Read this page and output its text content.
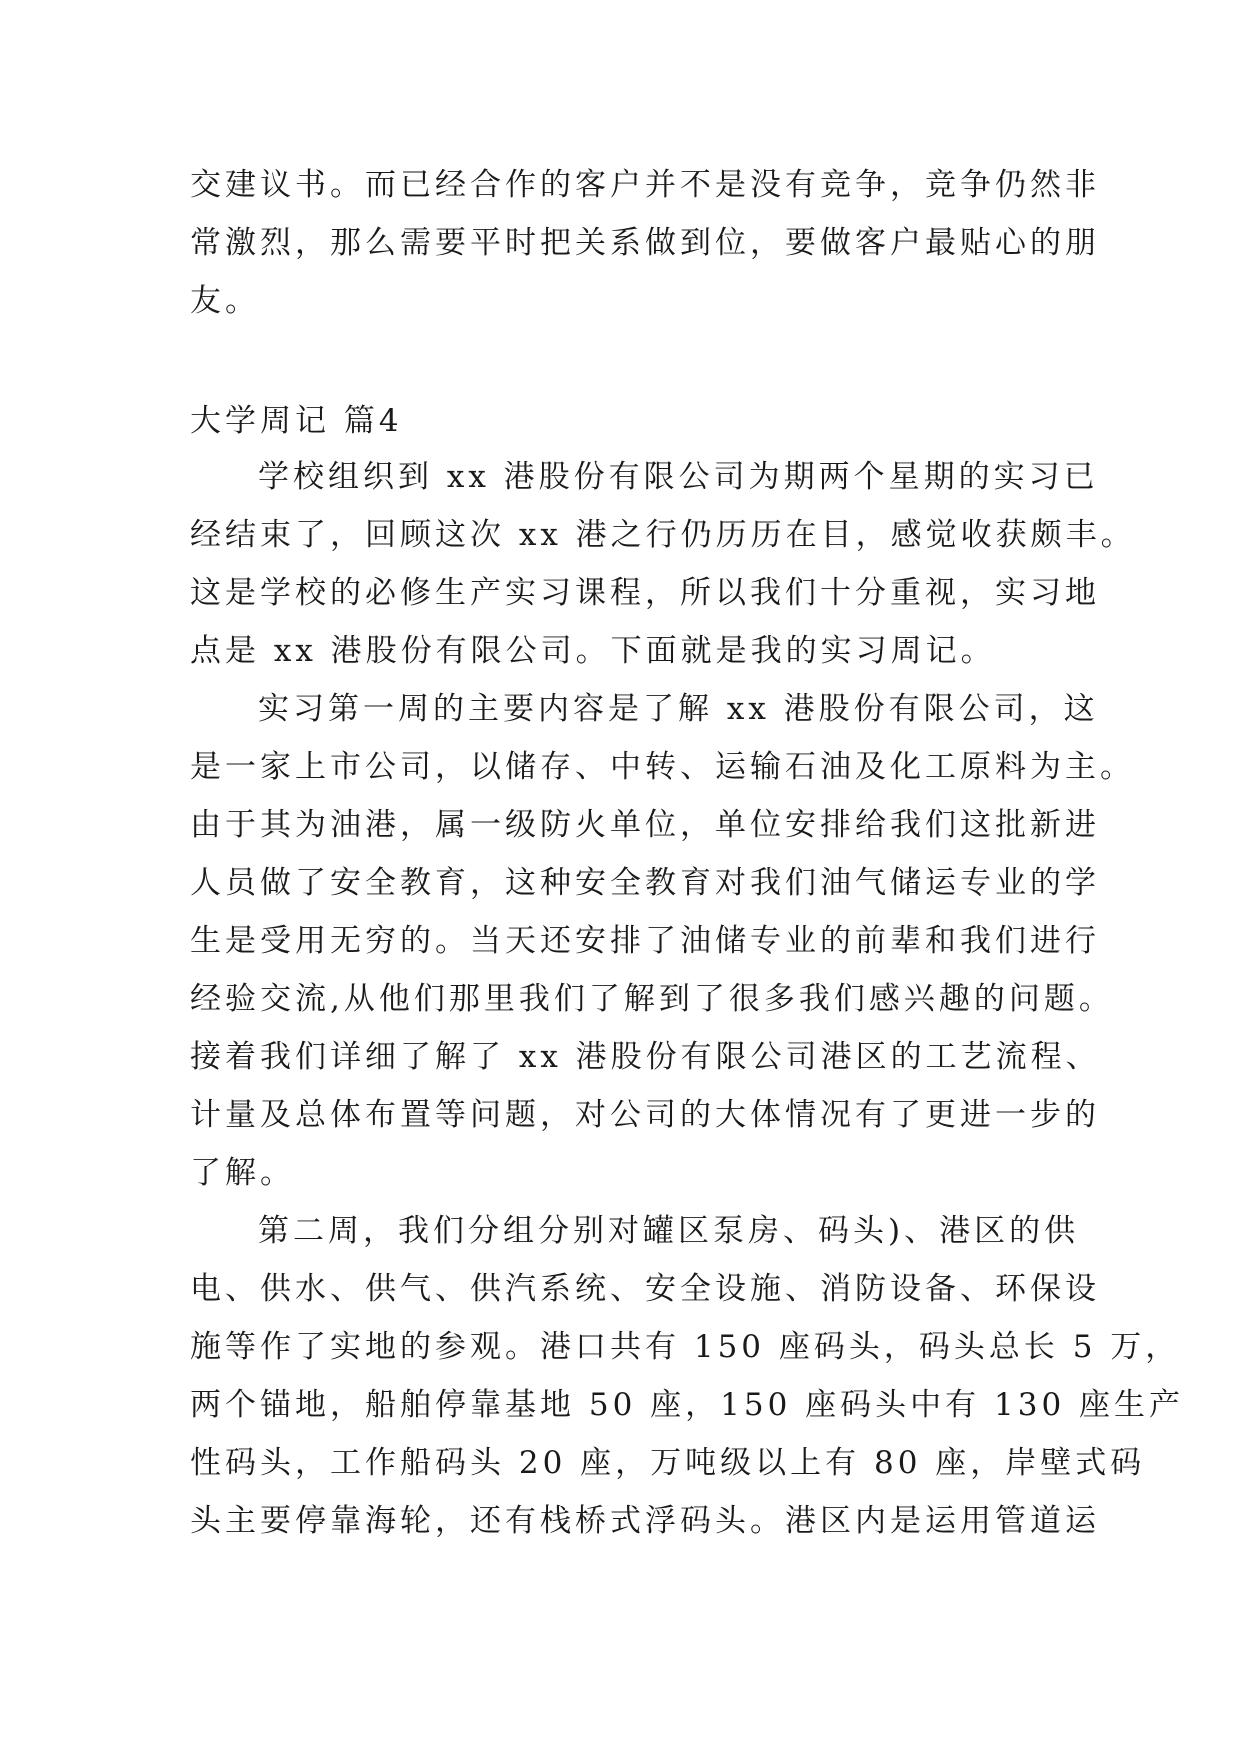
交建议书。而已经合作的客户并不是没有竞争，竞争仍然非
常激烈，那么需要平时把关系做到位，要做客户最贴心的朋
友。
大学周记 篇4
学校组织到 xx 港股份有限公司为期两个星期的实习已
经结束了，回顾这次 xx 港之行仍历历在目，感觉收获颇丰。
这是学校的必修生产实习课程，所以我们十分重视，实习地
点是 xx 港股份有限公司。下面就是我的实习周记。
实习第一周的主要内容是了解 xx 港股份有限公司，这
是一家上市公司，以储存、中转、运输石油及化工原料为主。
由于其为油港，属一级防火单位，单位安排给我们这批新进
人员做了安全教育，这种安全教育对我们油气储运专业的学
生是受用无穷的。当天还安排了油储专业的前辈和我们进行
经验交流,从他们那里我们了解到了很多我们感兴趣的问题。
接着我们详细了解了 xx 港股份有限公司港区的工艺流程、
计量及总体布置等问题，对公司的大体情况有了更进一步的
了解。
第二周，我们分组分别对罐区泵房、码头)、港区的供
电、供水、供气、供汽系统、安全设施、消防设备、环保设
施等作了实地的参观。港口共有 150 座码头，码头总长 5 万，
两个锚地，船舶停靠基地 50 座，150 座码头中有 130 座生产
性码头，工作船码头 20 座，万吨级以上有 80 座，岸壁式码
头主要停靠海轮，还有栈桥式浮码头。港区内是运用管道运
